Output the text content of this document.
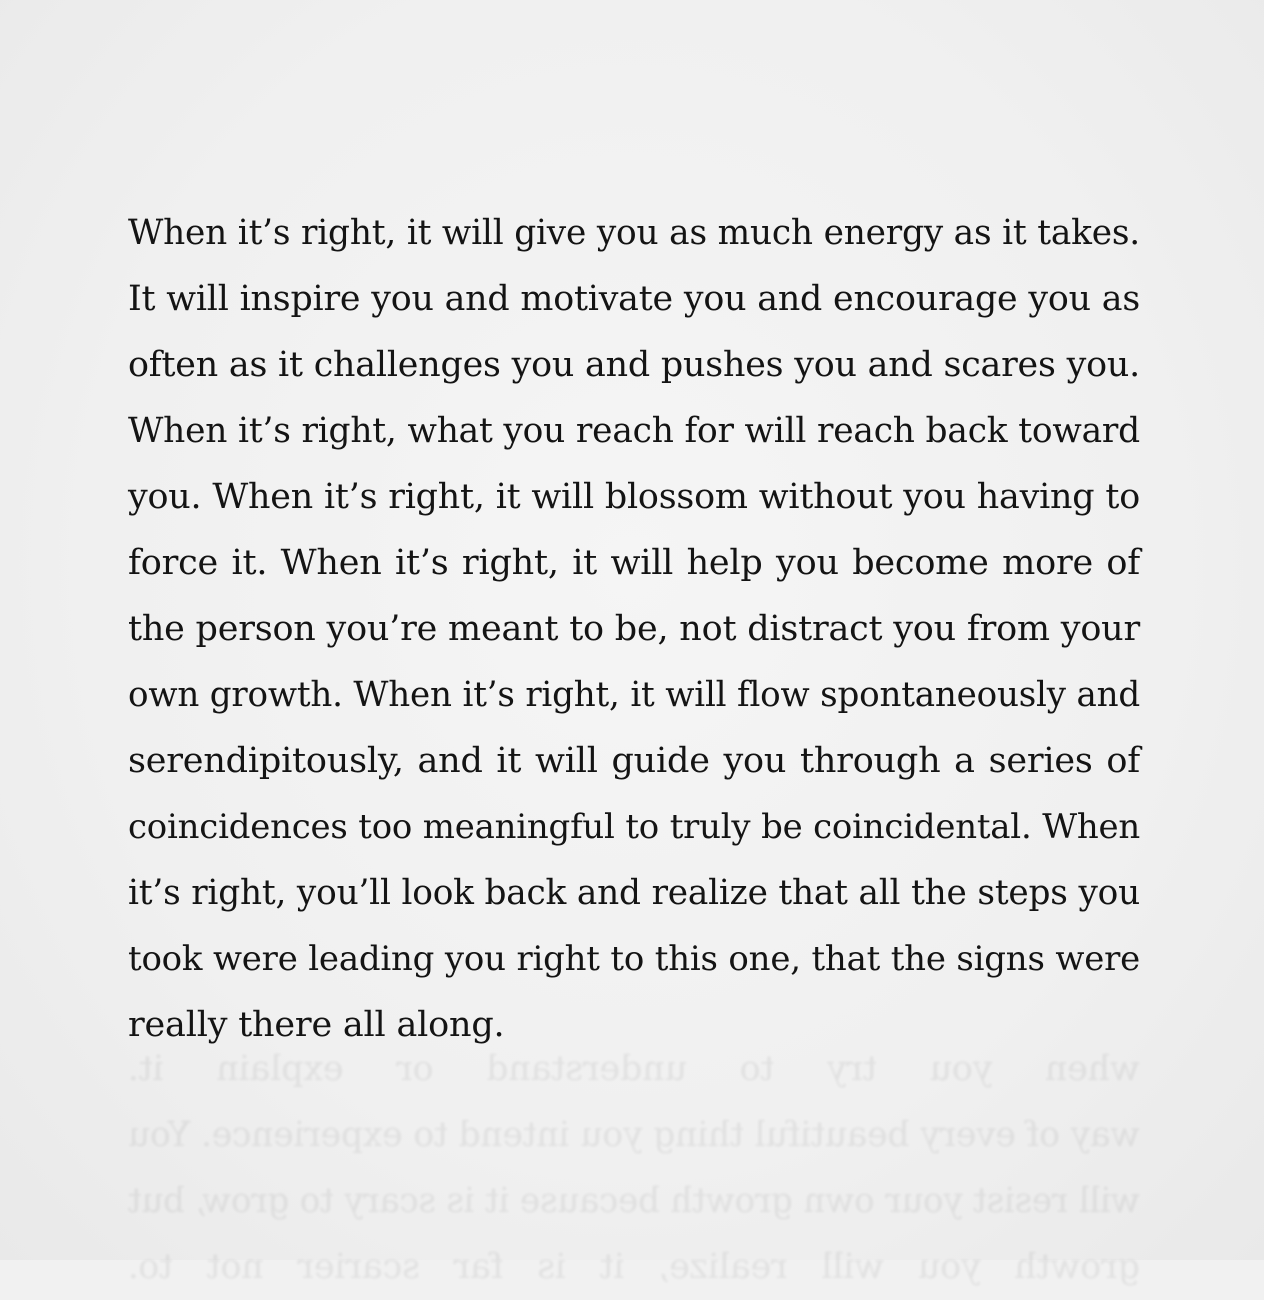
when you try to understand or explain it.
way of every beautiful thing you intend to experience. You
will resist your own growth because it is scary to grow, but
growth you will realize, it is far scarier not to.
When it’s right, it will give you as much energy as it takes.
It will inspire you and motivate you and encourage you as
often as it challenges you and pushes you and scares you.
When it’s right, what you reach for will reach back toward
you. When it’s right, it will blossom without you having to
force it. When it’s right, it will help you become more of
the person you’re meant to be, not distract you from your
own growth. When it’s right, it will flow spontaneously and
serendipitously, and it will guide you through a series of
coincidences too meaningful to truly be coincidental. When
it’s right, you’ll look back and realize that all the steps you
took were leading you right to this one, that the signs were
really there all along.
